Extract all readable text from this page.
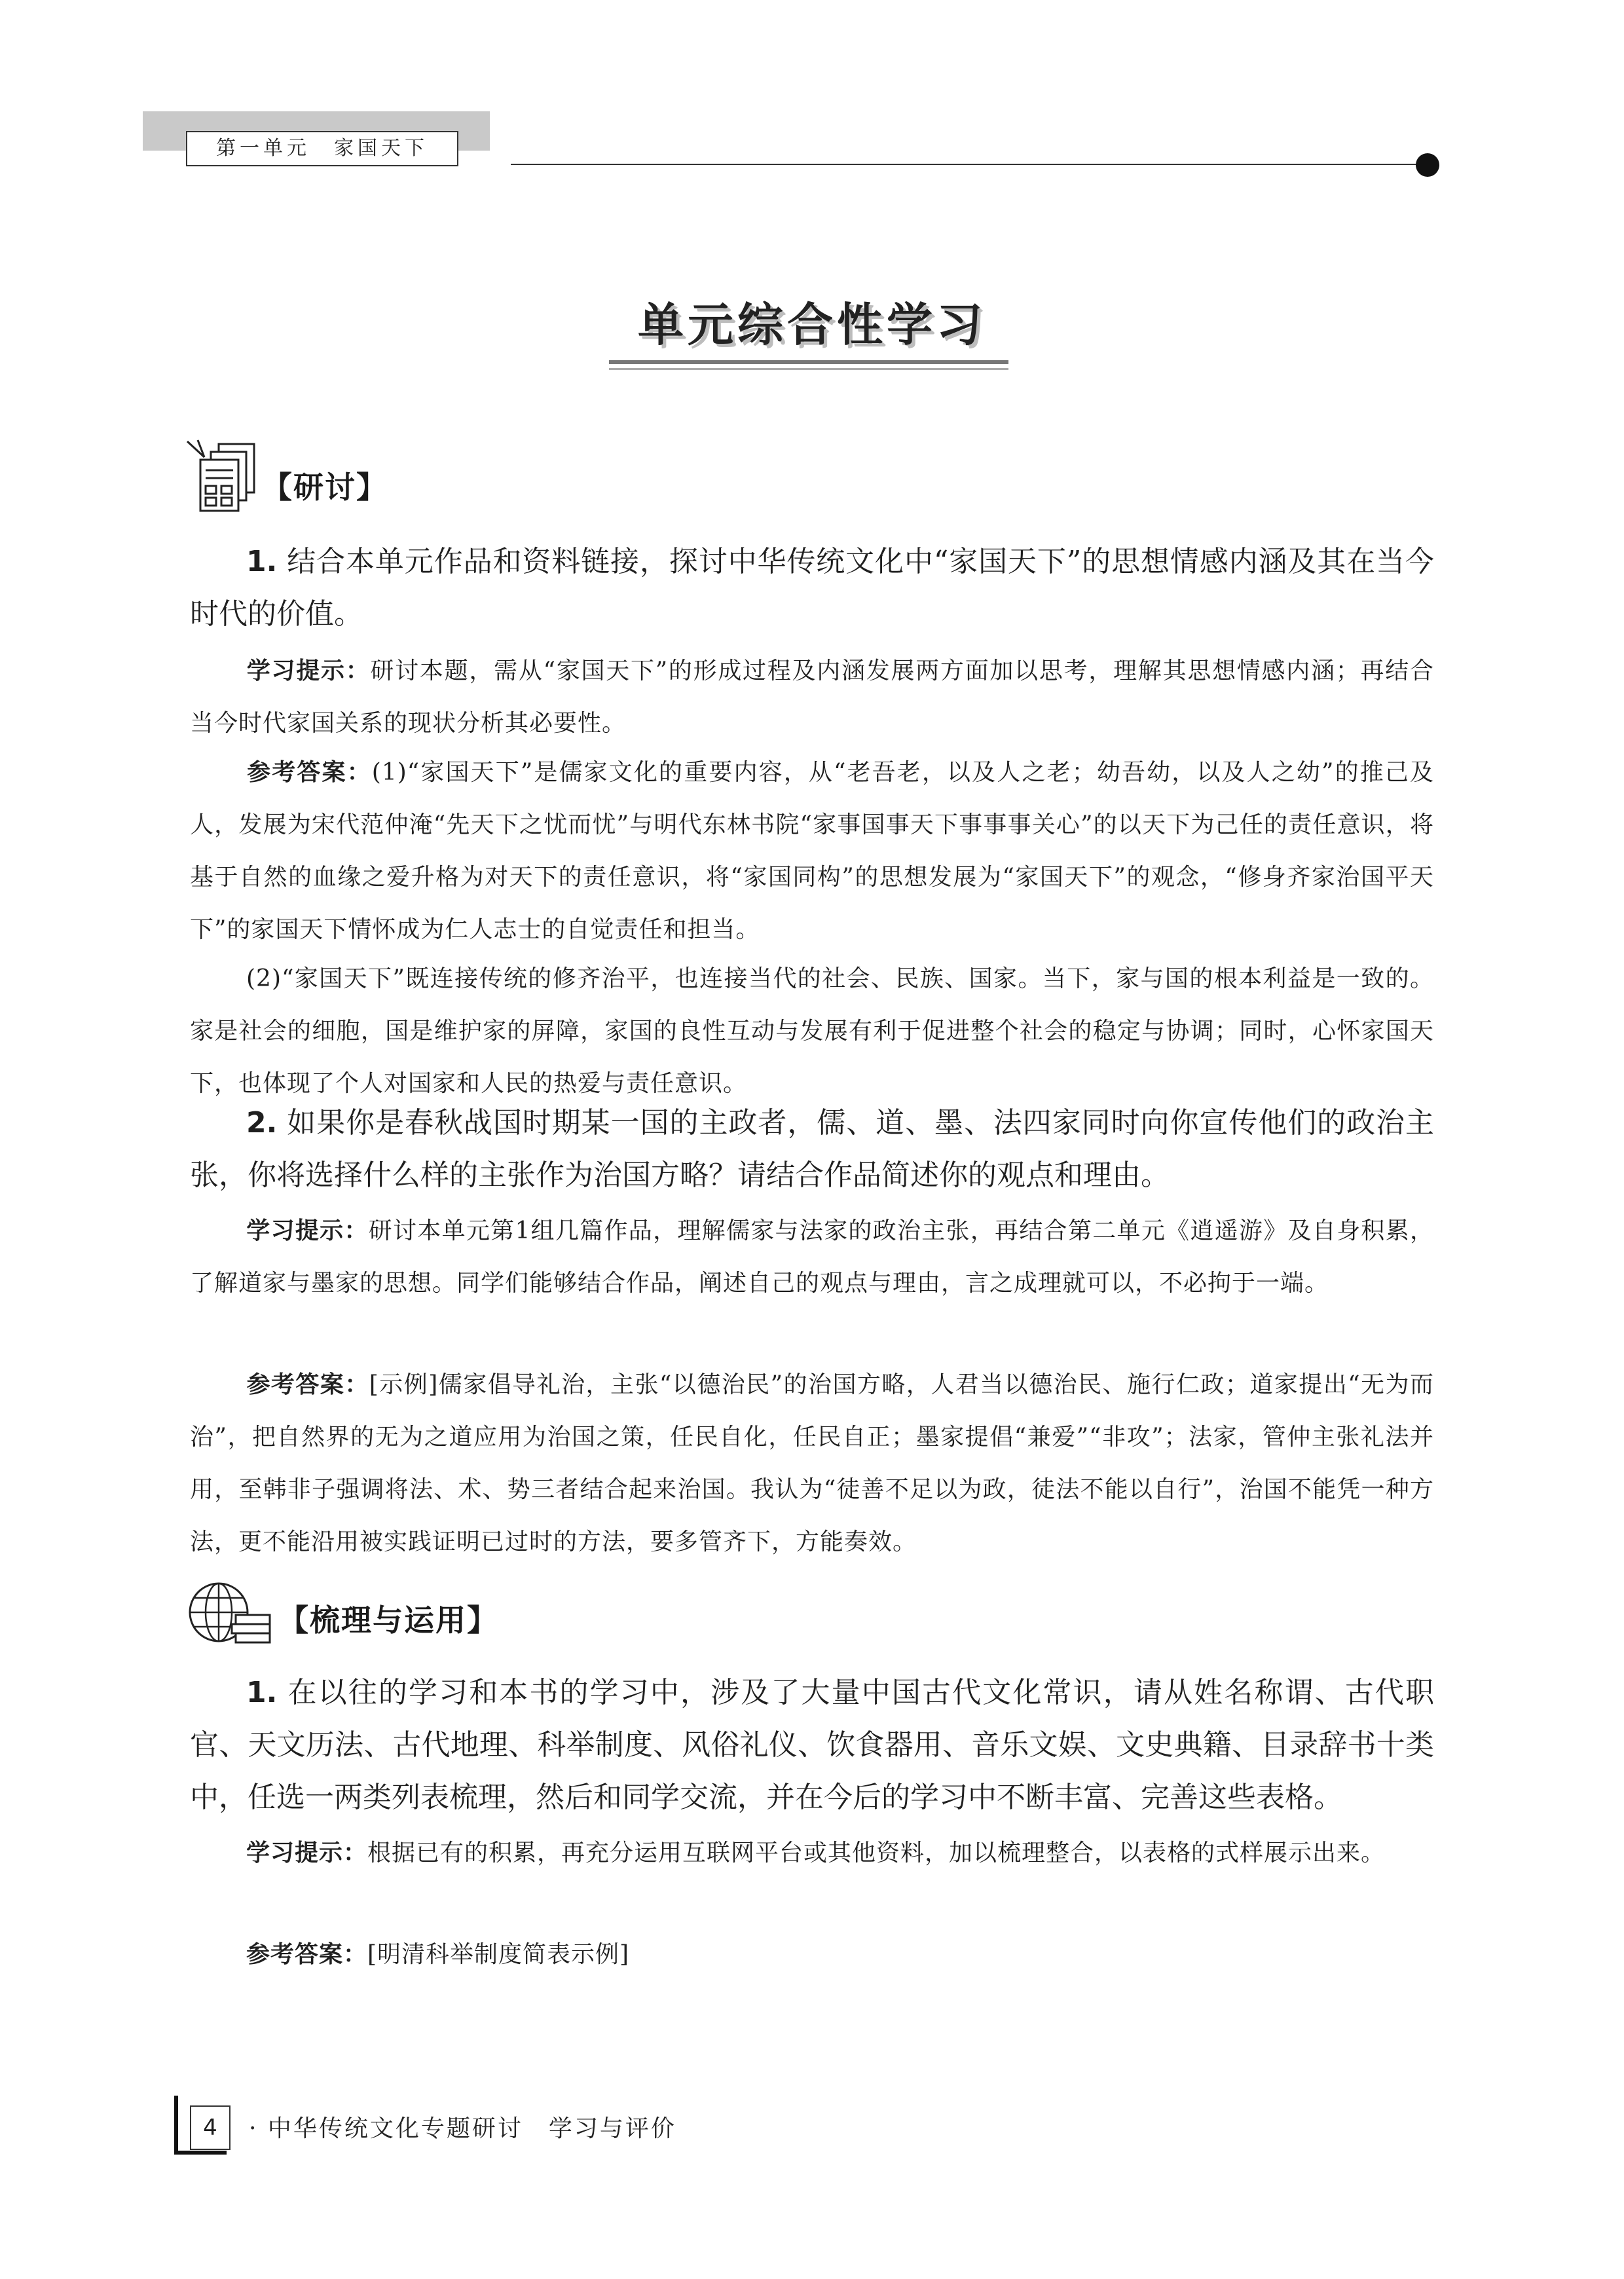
第一单元　家国天下
单元综合性学习
【研讨】

1. 结合本单元作品和资料链接，探讨中华传统文化中“家国天下”的思想情感内涵及其在当今时代的价值。

学习提示：研讨本题，需从“家国天下”的形成过程及内涵发展两方面加以思考，理解其思想情感内涵；再结合当今时代家国关系的现状分析其必要性。

参考答案：(1)“家国天下”是儒家文化的重要内容，从“老吾老，以及人之老；幼吾幼，以及人之幼”的推己及人，发展为宋代范仲淹“先天下之忧而忧”与明代东林书院“家事国事天下事事事关心”的以天下为己任的责任意识，将基于自然的血缘之爱升格为对天下的责任意识，将“家国同构”的思想发展为“家国天下”的观念，“修身齐家治国平天下”的家国天下情怀成为仁人志士的自觉责任和担当。

(2)“家国天下”既连接传统的修齐治平，也连接当代的社会、民族、国家。当下，家与国的根本利益是一致的。家是社会的细胞，国是维护家的屏障，家国的良性互动与发展有利于促进整个社会的稳定与协调；同时，心怀家国天下，也体现了个人对国家和人民的热爱与责任意识。

2. 如果你是春秋战国时期某一国的主政者，儒、道、墨、法四家同时向你宣传他们的政治主张，你将选择什么样的主张作为治国方略？请结合作品简述你的观点和理由。

学习提示：研讨本单元第1组几篇作品，理解儒家与法家的政治主张，再结合第二单元《逍遥游》及自身积累，了解道家与墨家的思想。同学们能够结合作品，阐述自己的观点与理由，言之成理就可以，不必拘于一端。

参考答案：[示例]儒家倡导礼治，主张“以德治民”的治国方略，人君当以德治民、施行仁政；道家提出“无为而治”，把自然界的无为之道应用为治国之策，任民自化，任民自正；墨家提倡“兼爱”“非攻”；法家，管仲主张礼法并用，至韩非子强调将法、术、势三者结合起来治国。我认为“徒善不足以为政，徒法不能以自行”，治国不能凭一种方法，更不能沿用被实践证明已过时的方法，要多管齐下，方能奏效。

【梳理与运用】

1. 在以往的学习和本书的学习中，涉及了大量中国古代文化常识，请从姓名称谓、古代职官、天文历法、古代地理、科举制度、风俗礼仪、饮食器用、音乐文娱、文史典籍、目录辞书十类中，任选一两类列表梳理，然后和同学交流，并在今后的学习中不断丰富、完善这些表格。

学习提示：根据已有的积累，再充分运用互联网平台或其他资料，加以梳理整合，以表格的式样展示出来。

参考答案：[明清科举制度简表示例]

4	· 中华传统文化专题研讨　学习与评价
